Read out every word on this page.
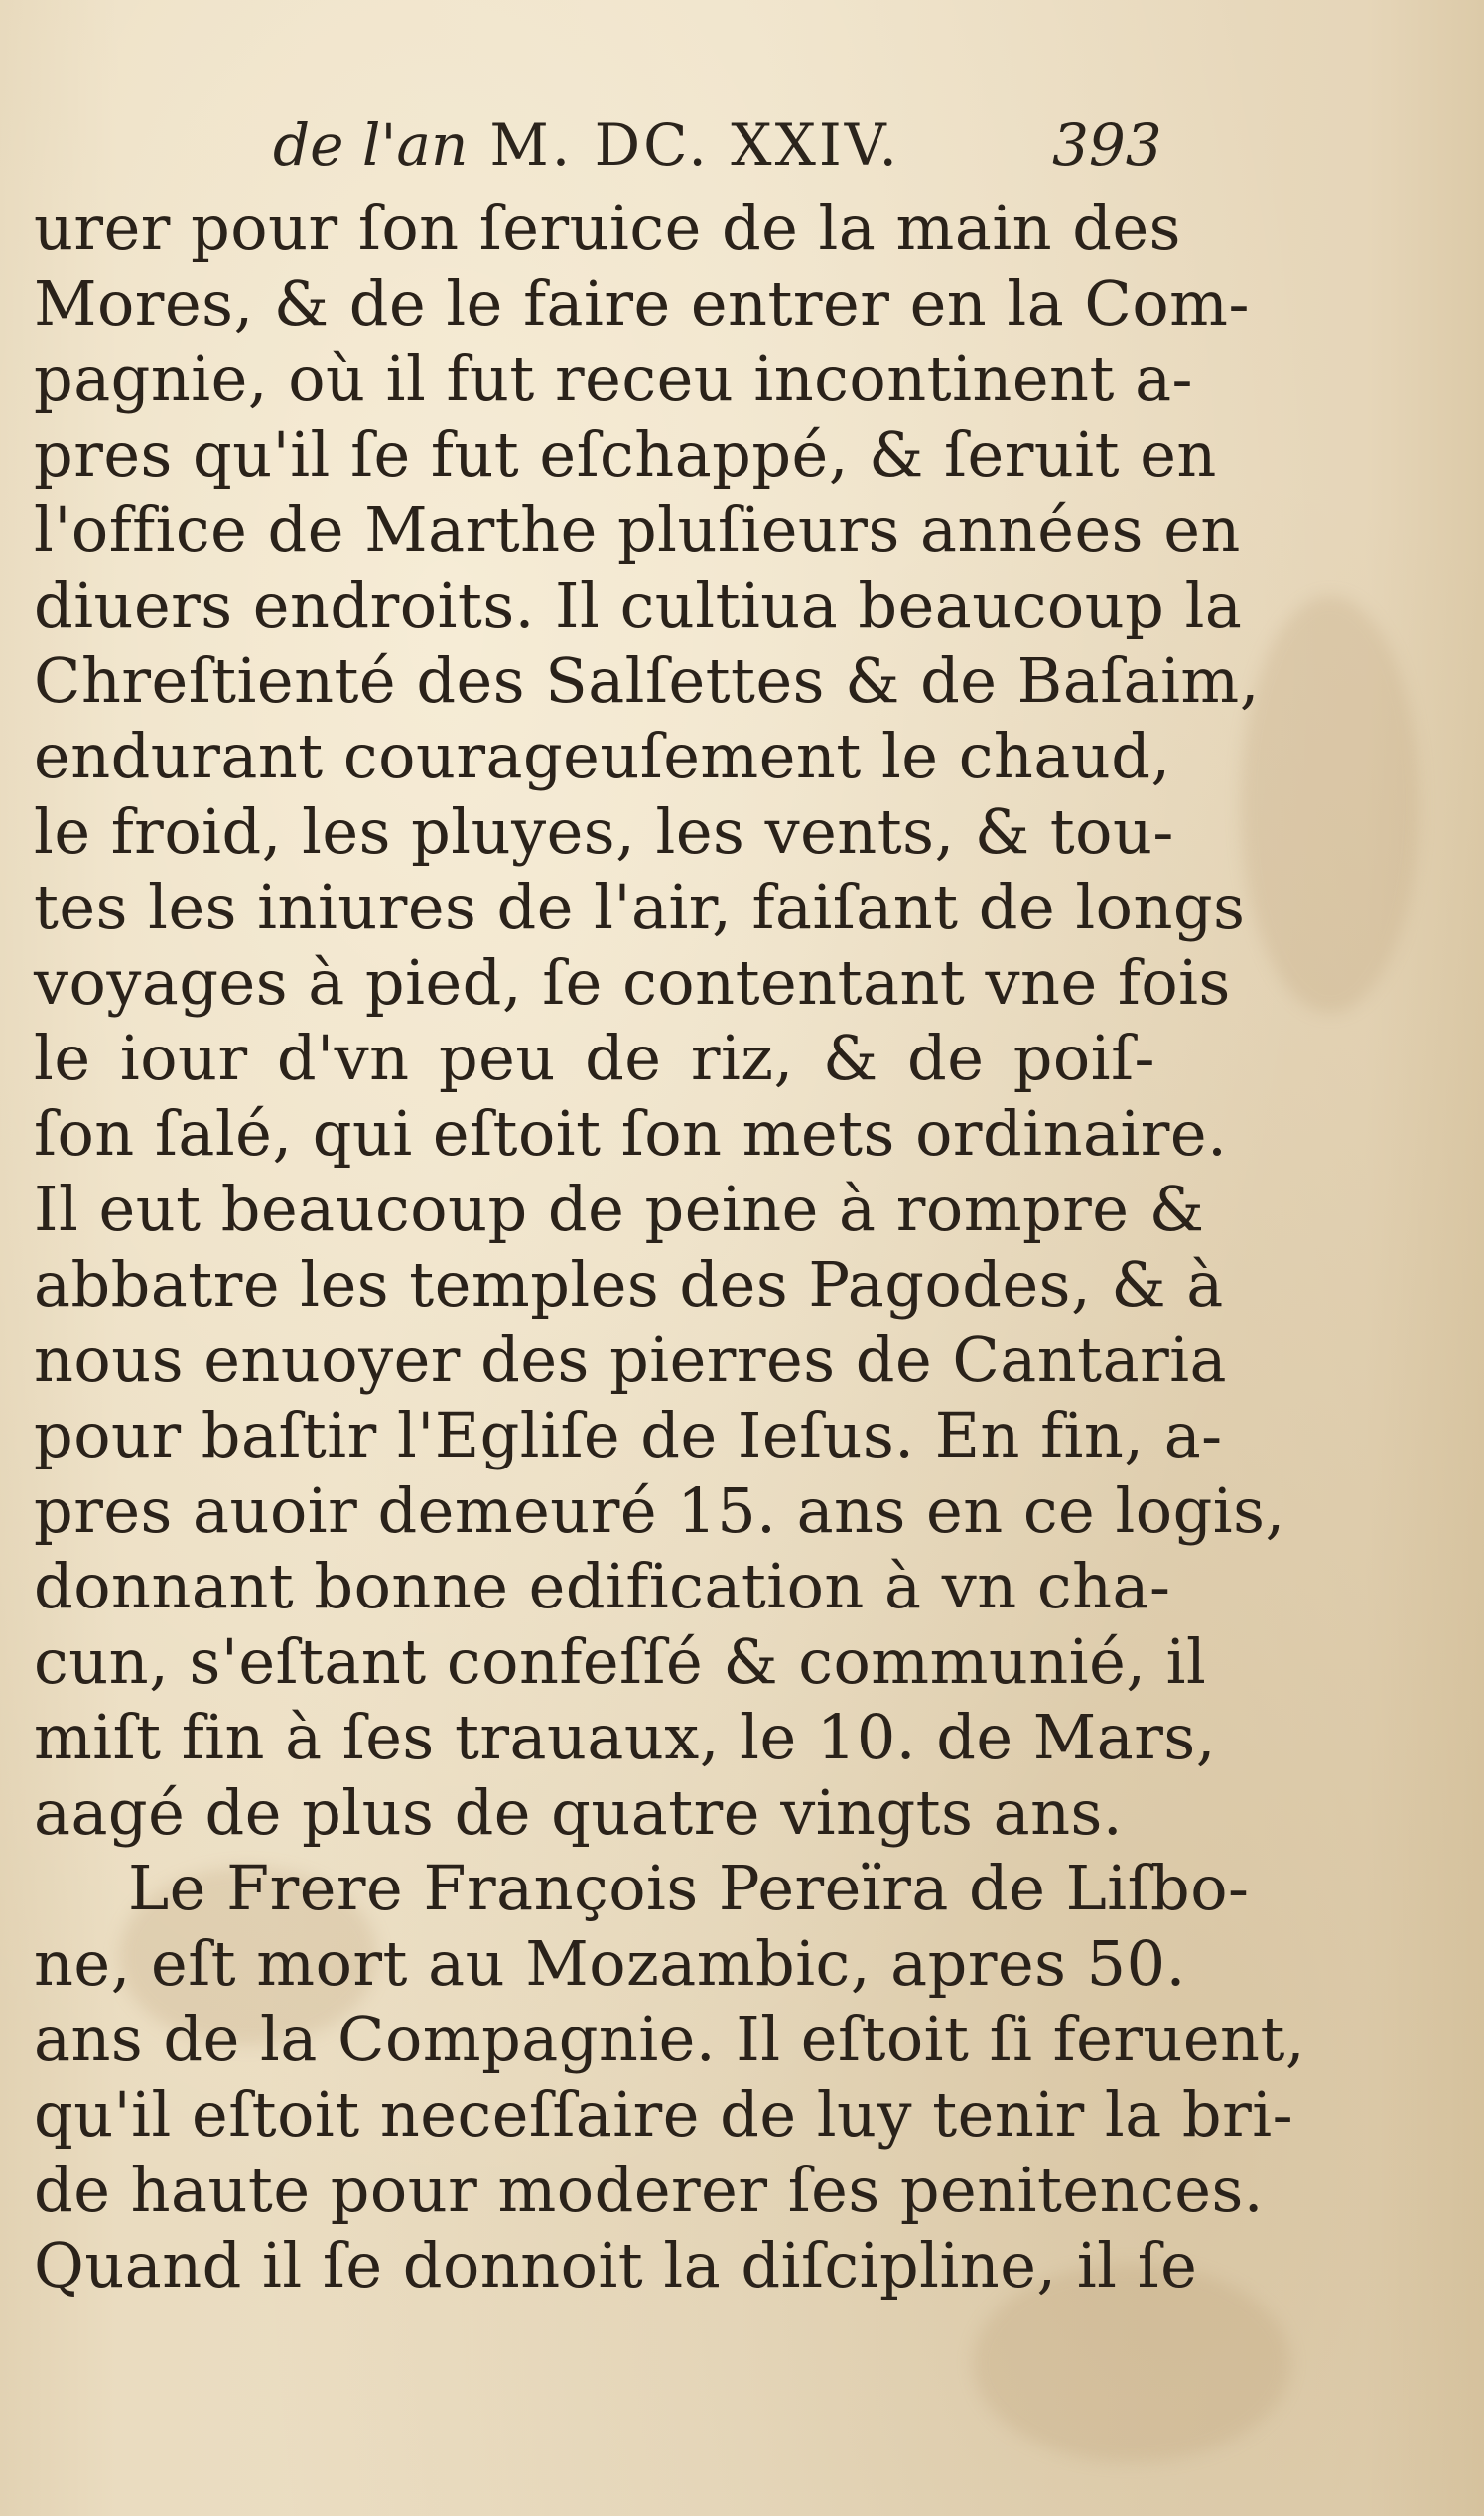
de l'an M. DC. XXIV.	393
urer pour ſon ſeruice de la main des
Mores, & de le faire entrer en la Com-
pagnie, où il fut receu incontinent a-
pres qu'il ſe fut eſchappé, & ſeruit en
l'office de Marthe pluſieurs années en
diuers endroits. Il cultiua beaucoup la
Chreſtienté des Salſettes & de Baſaim,
endurant courageuſement le chaud,
le froid, les pluyes, les vents, & tou-
tes les iniures de l'air, faiſant de longs
voyages à pied, ſe contentant vne fois
le iour d'vn peu de riz, & de poiſ-
ſon ſalé, qui eſtoit ſon mets ordinaire.
Il eut beaucoup de peine à rompre &
abbatre les temples des Pagodes, & à
nous enuoyer des pierres de Cantaria
pour baſtir l'Egliſe de Ieſus. En fin, a-
pres auoir demeuré 15. ans en ce logis,
donnant bonne edification à vn cha-
cun, s'eſtant confeſſé & communié, il
miſt fin à ſes trauaux, le 10. de Mars,
aagé de plus de quatre vingts ans.
Le Frere François Pereïra de Liſbo-
ne, eſt mort au Mozambic, apres 50.
ans de la Compagnie. Il eſtoit ſi feruent,
qu'il eſtoit neceſſaire de luy tenir la bri-
de haute pour moderer ſes penitences.
Quand il ſe donnoit la diſcipline, il ſe
